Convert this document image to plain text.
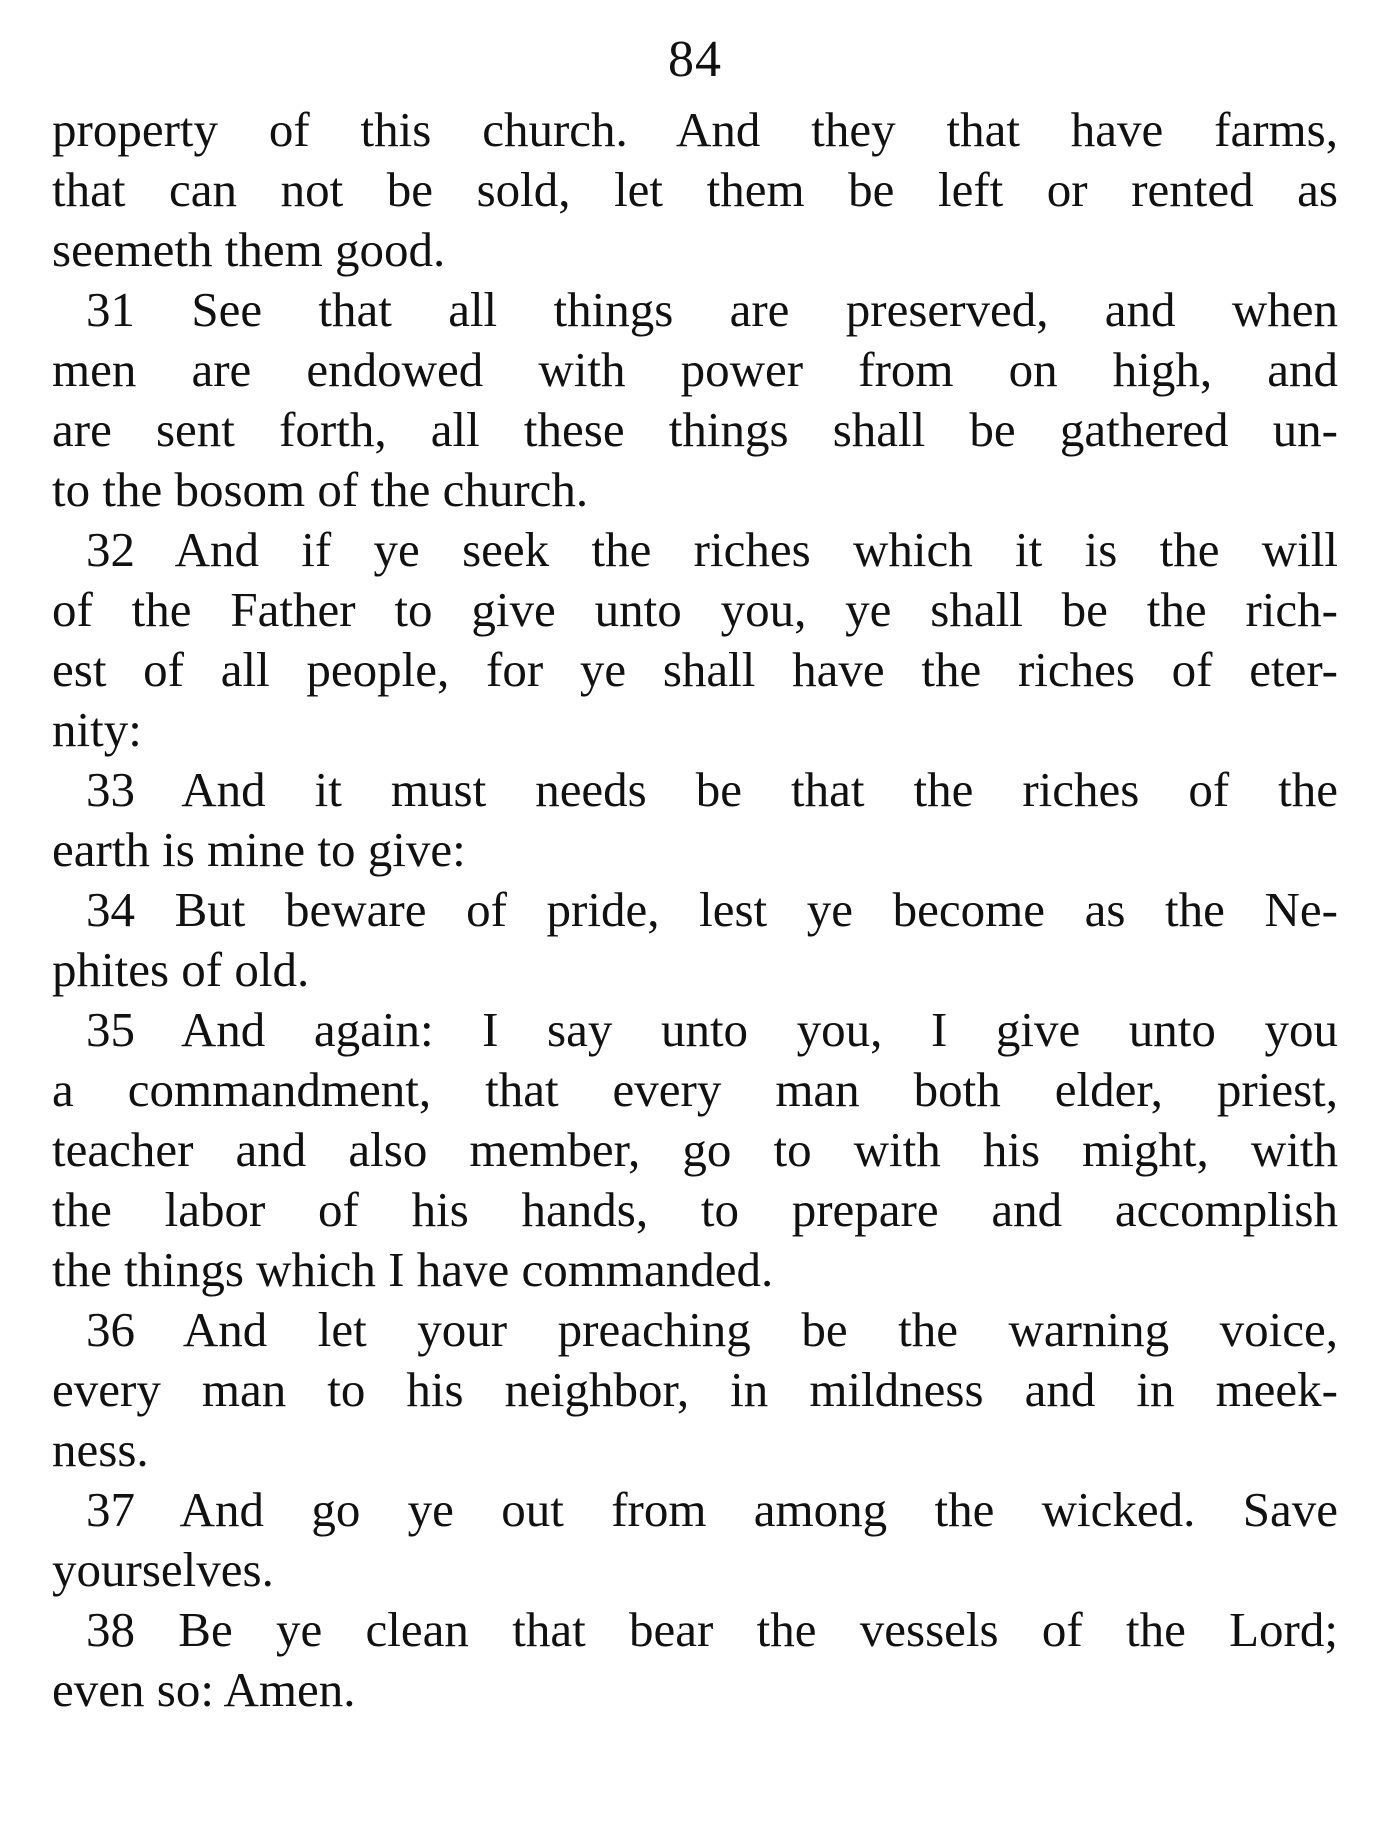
84
property of this church. And they that have farms,
that can not be sold, let them be left or rented as
seemeth them good.
31 See that all things are preserved, and when
men are endowed with power from on high, and
are sent forth, all these things shall be gathered un-
to the bosom of the church.
32 And if ye seek the riches which it is the will
of the Father to give unto you, ye shall be the rich-
est of all people, for ye shall have the riches of eter-
nity:
33 And it must needs be that the riches of the
earth is mine to give:
34 But beware of pride, lest ye become as the Ne-
phites of old.
35 And again: I say unto you, I give unto you
a commandment, that every man both elder, priest,
teacher and also member, go to with his might, with
the labor of his hands, to prepare and accomplish
the things which I have commanded.
36 And let your preaching be the warning voice,
every man to his neighbor, in mildness and in meek-
ness.
37 And go ye out from among the wicked. Save
yourselves.
38 Be ye clean that bear the vessels of the Lord;
even so: Amen.
